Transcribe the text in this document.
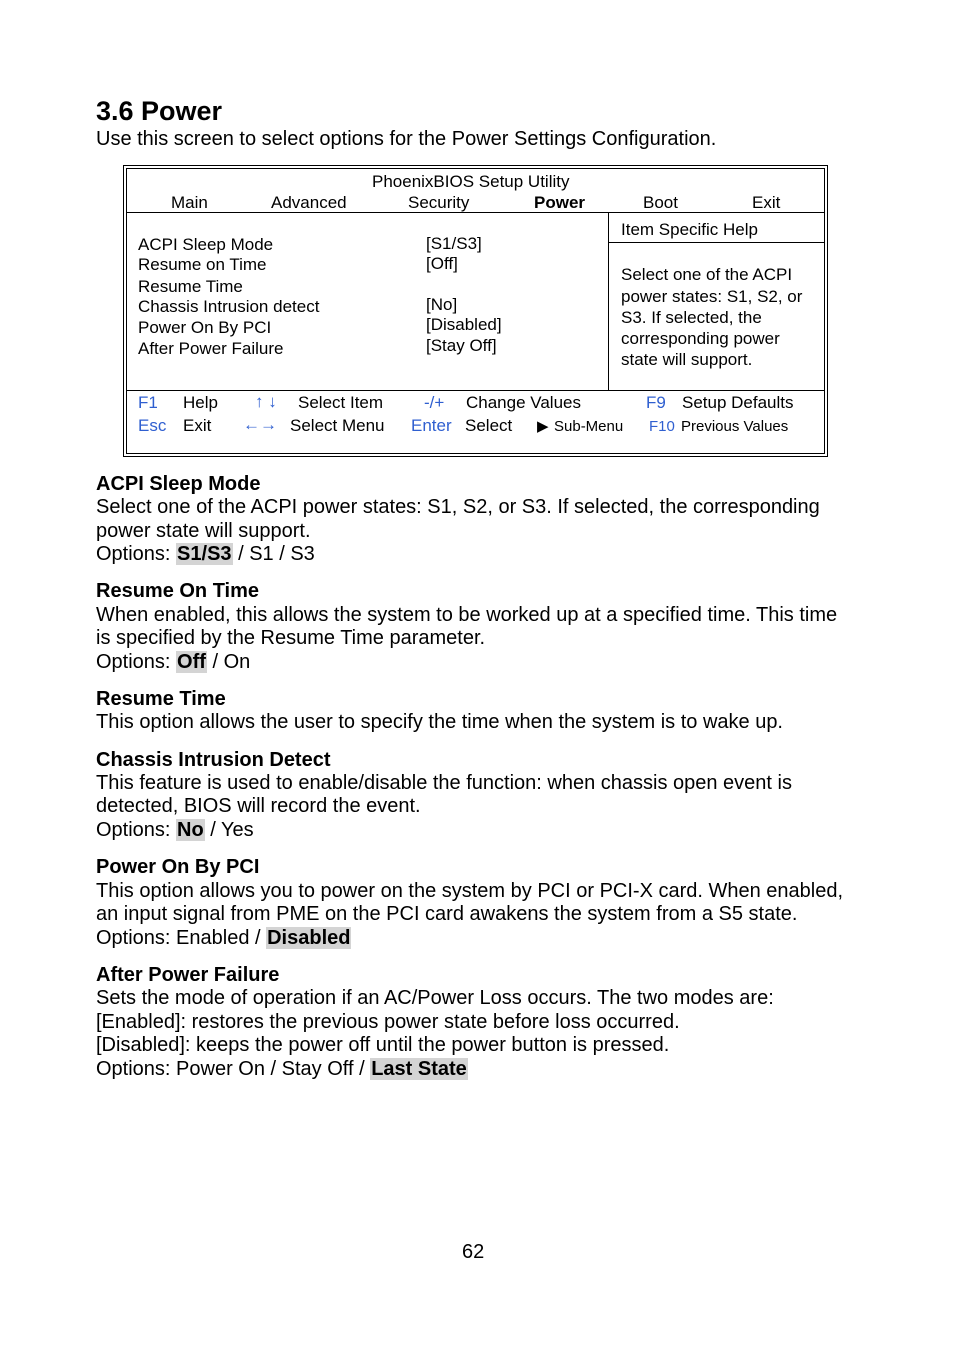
3.6 Power
Use this screen to select options for the Power Settings Configuration.
PhoenixBIOS Setup Utility
Main	Advanced	Security	Power	Boot	Exit
ACPI Sleep Mode	[S1/S3]
Resume on Time	[Off]
Resume Time
Chassis Intrusion detect	[No]
Power On By PCI	[Disabled]
After Power Failure	[Stay Off]
Item Specific Help
Select one of the ACPI
power states: S1, S2, or
S3. If selected, the
corresponding power
state will support.
F1 Help ↑ ↓ Select Item -/+ Change Values	F9 Setup Defaults
Esc Exit ←→ Select Menu Enter Select ▶ Sub-Menu F10 Previous Values
ACPI Sleep Mode
Select one of the ACPI power states: S1, S2, or S3. If selected, the corresponding
power state will support.
Options: S1/S3 / S1 / S3
Resume On Time
When enabled, this allows the system to be worked up at a specified time. This time
is specified by the Resume Time parameter.
Options: Off / On
Resume Time
This option allows the user to specify the time when the system is to wake up.
Chassis Intrusion Detect
This feature is used to enable/disable the function: when chassis open event is
detected, BIOS will record the event.
Options: No / Yes
Power On By PCI
This option allows you to power on the system by PCI or PCI-X card. When enabled,
an input signal from PME on the PCI card awakens the system from a S5 state.
Options: Enabled / Disabled
After Power Failure
Sets the mode of operation if an AC/Power Loss occurs. The two modes are:
[Enabled]: restores the previous power state before loss occurred.
[Disabled]: keeps the power off until the power button is pressed.
Options: Power On / Stay Off / Last State
62
